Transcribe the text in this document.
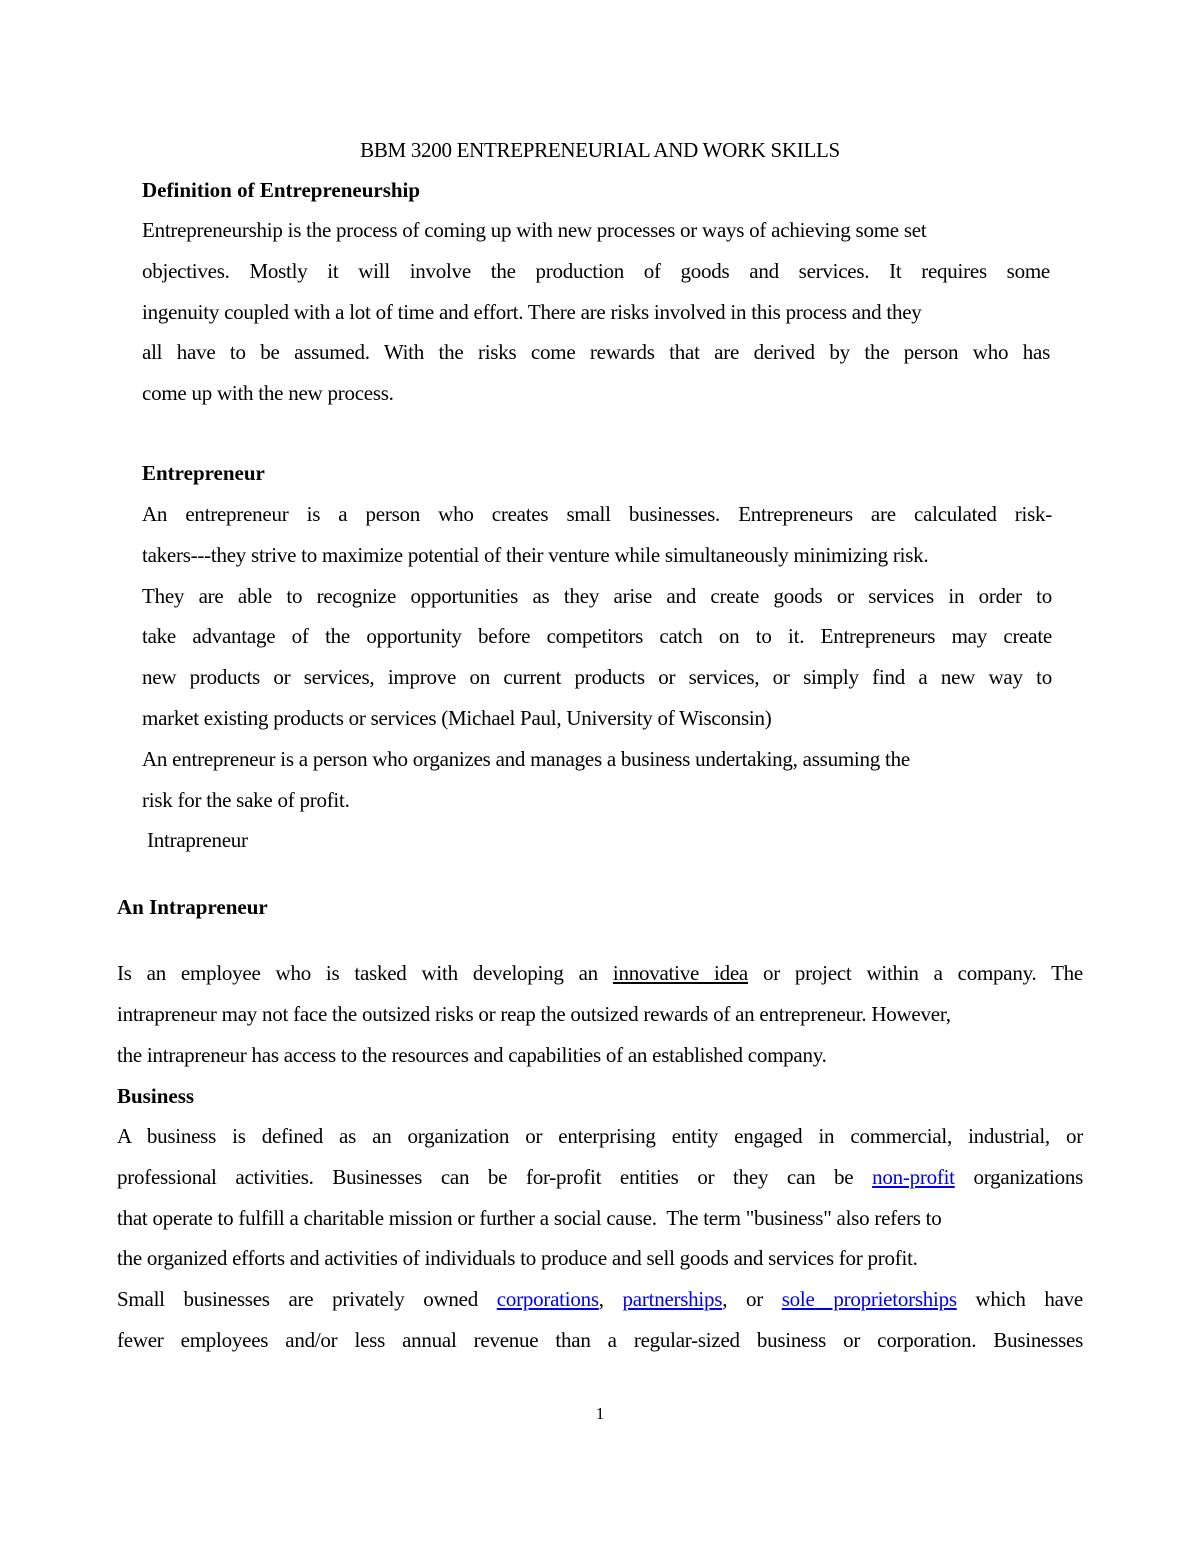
BBM 3200 ENTREPRENEURIAL AND WORK SKILLS
Definition of Entrepreneurship
Entrepreneurship is the process of coming up with new processes or ways of achieving some set
objectives. Mostly it will involve the production of goods and services. It requires some
ingenuity coupled with a lot of time and effort. There are risks involved in this process and they
all have to be assumed. With the risks come rewards that are derived by the person who has
come up with the new process.
Entrepreneur
An entrepreneur is a person who creates small businesses. Entrepreneurs are calculated risk-
takers---they strive to maximize potential of their venture while simultaneously minimizing risk.
They are able to recognize opportunities as they arise and create goods or services in order to
take advantage of the opportunity before competitors catch on to it. Entrepreneurs may create
new products or services, improve on current products or services, or simply find a new way to
market existing products or services (Michael Paul, University of Wisconsin)
An entrepreneur is a person who organizes and manages a business undertaking, assuming the
risk for the sake of profit.
Intrapreneur
An Intrapreneur
Is an employee who is tasked with developing an innovative idea or project within a company. The
intrapreneur may not face the outsized risks or reap the outsized rewards of an entrepreneur. However,
the intrapreneur has access to the resources and capabilities of an established company.
Business
A business is defined as an organization or enterprising entity engaged in commercial, industrial, or
professional activities. Businesses can be for-profit entities or they can be non-profit organizations
that operate to fulfill a charitable mission or further a social cause.  The term "business" also refers to
the organized efforts and activities of individuals to produce and sell goods and services for profit.
Small businesses are privately owned corporations, partnerships, or sole proprietorships which have
fewer employees and/or less annual revenue than a regular-sized business or corporation. Businesses
1
